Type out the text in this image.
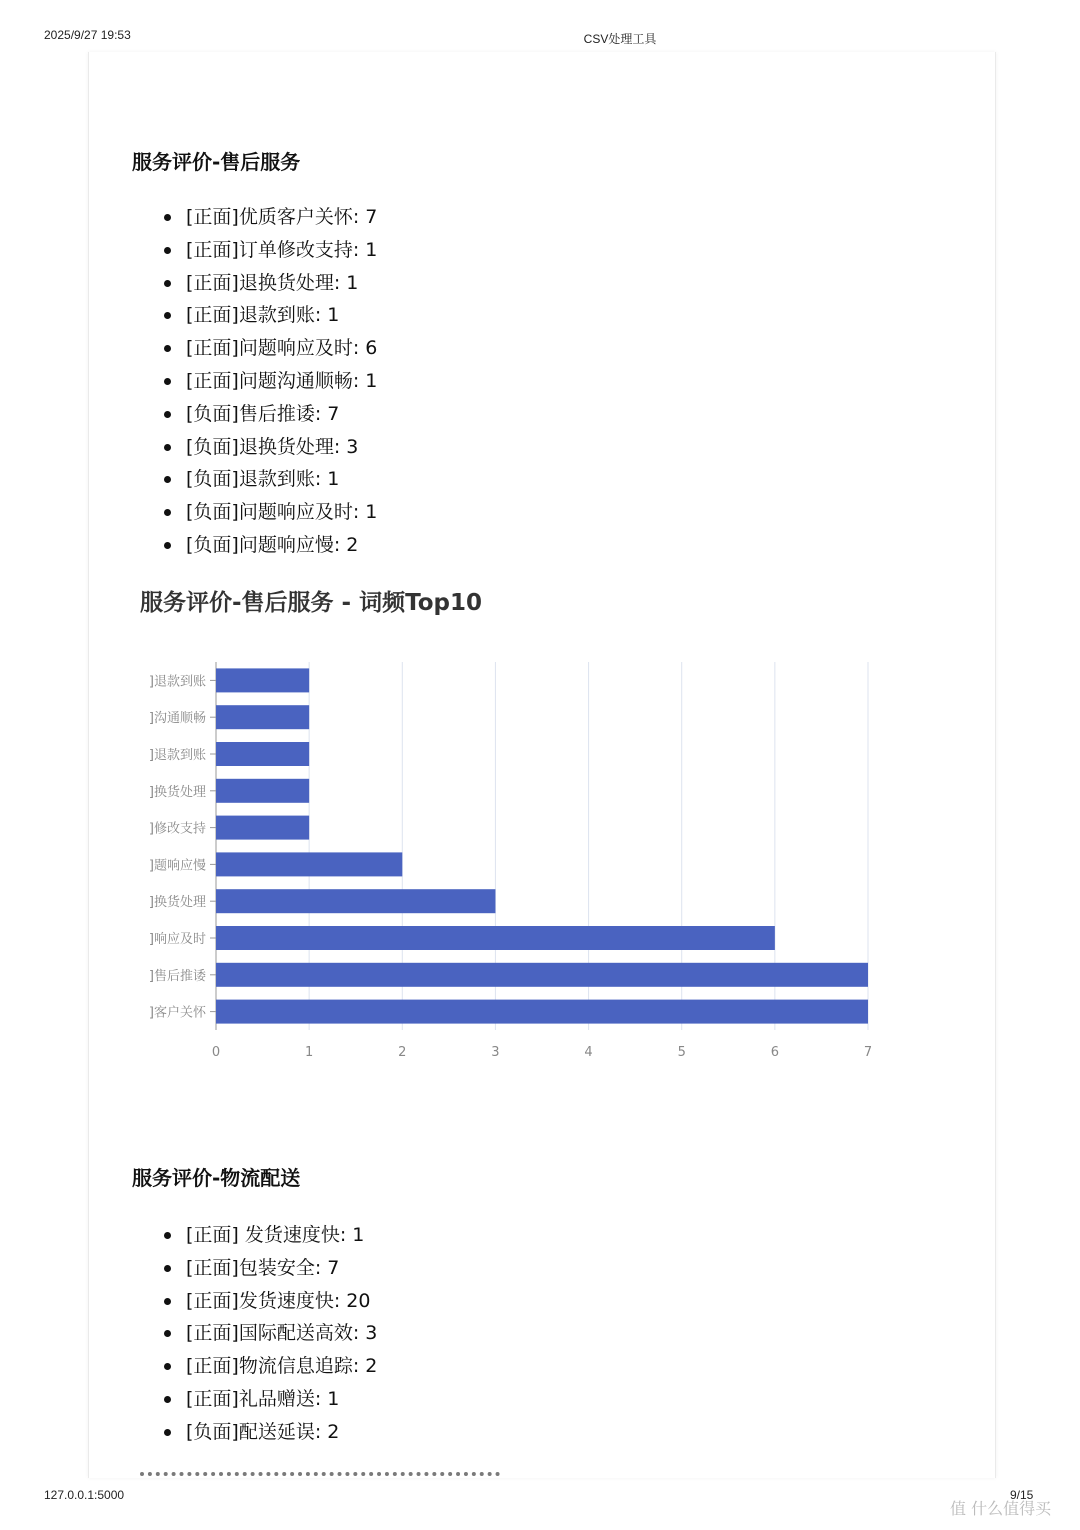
2025/9/27 19:53	CSV处理工具
服务评价-售后服务
[正面]优质客户关怀: 7
[正面]订单修改支持: 1
[正面]退换货处理: 1
[正面]退款到账: 1
[正面]问题响应及时: 6
[正面]问题沟通顺畅: 1
[负面]售后推诿: 7
[负面]退换货处理: 3
[负面]退款到账: 1
[负面]问题响应及时: 1
[负面]问题响应慢: 2
服务评价-售后服务 - 词频Top10
0	1	2	3	4	5	6	7
]退款到账
]沟通顺畅
]退款到账
]换货处理
]修改支持
]题响应慢
]换货处理
]响应及时
]售后推诿
]客户关怀
服务评价-物流配送
[正面] 发货速度快: 1
[正面]包装安全: 7
[正面]发货速度快: 20
[正面]国际配送高效: 3
[正面]物流信息追踪: 2
[正面]礼品赠送: 1
[负面]配送延误: 2
127.0.0.1:5000	9/15
值 什么值得买
